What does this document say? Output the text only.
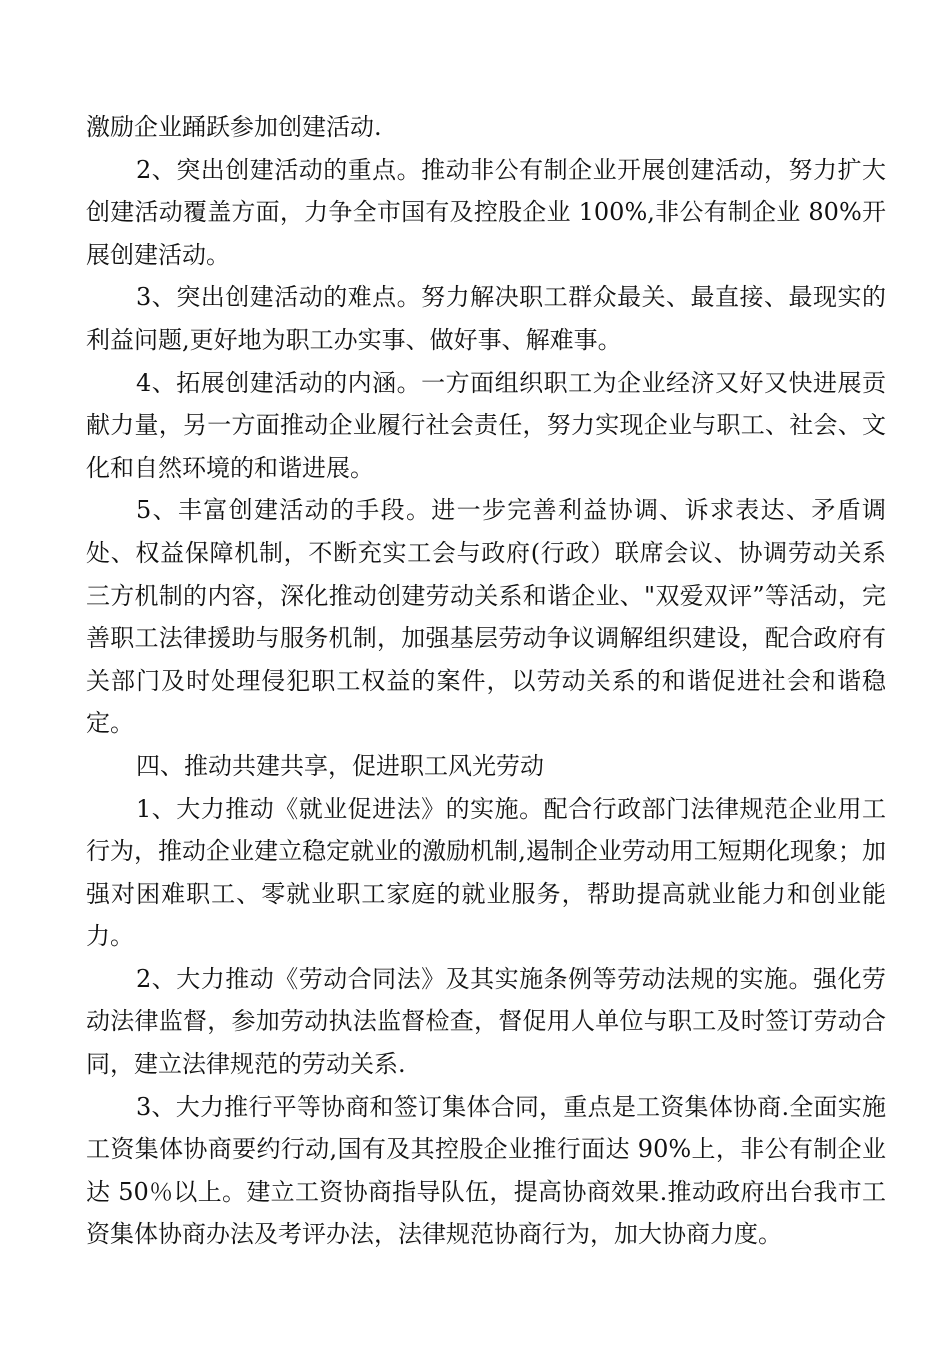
激励企业踊跃参加创建活动.

2、突出创建活动的重点。推动非公有制企业开展创建活动，努力扩大创建活动覆盖方面，力争全市国有及控股企业 100%,非公有制企业 80%开展创建活动。

3、突出创建活动的难点。努力解决职工群众最关、最直接、最现实的利益问题,更好地为职工办实事、做好事、解难事。

4、拓展创建活动的内涵。一方面组织职工为企业经济又好又快进展贡献力量，另一方面推动企业履行社会责任，努力实现企业与职工、社会、文化和自然环境的和谐进展。

5、丰富创建活动的手段。进一步完善利益协调、诉求表达、矛盾调处、权益保障机制，不断充实工会与政府(行政）联席会议、协调劳动关系三方机制的内容，深化推动创建劳动关系和谐企业、"双爱双评”等活动，完善职工法律援助与服务机制，加强基层劳动争议调解组织建设，配合政府有关部门及时处理侵犯职工权益的案件，以劳动关系的和谐促进社会和谐稳定。

四、推动共建共享，促进职工风光劳动

1、大力推动《就业促进法》的实施。配合行政部门法律规范企业用工行为，推动企业建立稳定就业的激励机制,遏制企业劳动用工短期化现象；加强对困难职工、零就业职工家庭的就业服务，帮助提高就业能力和创业能力。

2、大力推动《劳动合同法》及其实施条例等劳动法规的实施。强化劳动法律监督，参加劳动执法监督检查，督促用人单位与职工及时签订劳动合同，建立法律规范的劳动关系.

3、大力推行平等协商和签订集体合同，重点是工资集体协商.全面实施工资集体协商要约行动,国有及其控股企业推行面达 90%上，非公有制企业达 50％以上。建立工资协商指导队伍，提高协商效果.推动政府出台我市工资集体协商办法及考评办法，法律规范协商行为，加大协商力度。
